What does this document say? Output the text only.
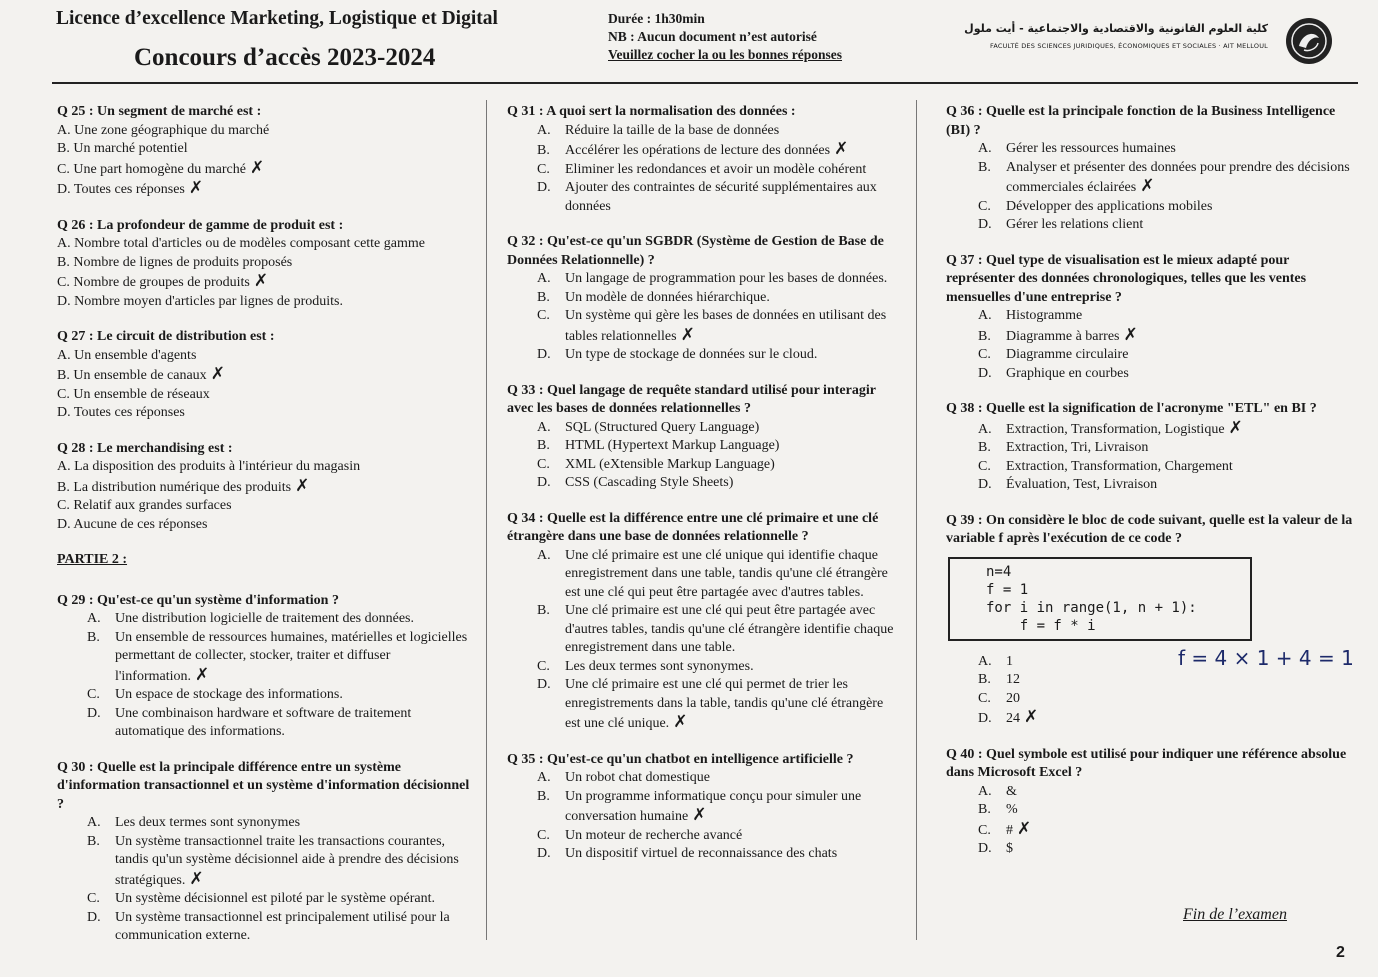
Licence d’excellence Marketing, Logistique et Digital
Concours d’accès 2023-2024
Durée : 1h30min
NB : Aucun document n’est autorisé
Veuillez cocher la ou les bonnes réponses
كلية العلوم القانونية والاقتصادية والاجتماعية - أيت ملول
FACULTÉ DES SCIENCES JURIDIQUES, ÉCONOMIQUES ET SOCIALES · AIT MELLOUL
Q 25 : Un segment de marché est :
A. Une zone géographique du marché
B. Un marché potentiel
C. Une part homogène du marché ✗
D. Toutes ces réponses ✗
Q 26 : La profondeur de gamme de produit est :
A. Nombre total d'articles ou de modèles composant cette gamme
B. Nombre de lignes de produits proposés
C. Nombre de groupes de produits ✗
D. Nombre moyen d'articles par lignes de produits.
Q 27 : Le circuit de distribution est :
A. Un ensemble d'agents
B. Un ensemble de canaux ✗
C. Un ensemble de réseaux
D. Toutes ces réponses
Q 28 : Le merchandising est :
A. La disposition des produits à l'intérieur du magasin
B. La distribution numérique des produits ✗
C. Relatif aux grandes surfaces
D. Aucune de ces réponses
PARTIE 2 :
Q 29 : Qu'est-ce qu'un système d'information ?
A. Une distribution logicielle de traitement des données.
B. Un ensemble de ressources humaines, matérielles et logicielles permettant de collecter, stocker, traiter et diffuser l'information. ✗
C. Un espace de stockage des informations.
D. Une combinaison hardware et software de traitement automatique des informations.
Q 30 : Quelle est la principale différence entre un système d'information transactionnel et un système d'information décisionnel ?
A. Les deux termes sont synonymes
B. Un système transactionnel traite les transactions courantes, tandis qu'un système décisionnel aide à prendre des décisions stratégiques. ✗
C. Un système décisionnel est piloté par le système opérant.
D. Un système transactionnel est principalement utilisé pour la communication externe.
Q 31 : A quoi sert la normalisation des données :
A. Réduire la taille de la base de données
B. Accélérer les opérations de lecture des données ✗
C. Eliminer les redondances et avoir un modèle cohérent
D. Ajouter des contraintes de sécurité supplémentaires aux données
Q 32 : Qu'est-ce qu'un SGBDR (Système de Gestion de Base de Données Relationnelle) ?
A. Un langage de programmation pour les bases de données.
B. Un modèle de données hiérarchique.
C. Un système qui gère les bases de données en utilisant des tables relationnelles ✗
D. Un type de stockage de données sur le cloud.
Q 33 : Quel langage de requête standard utilisé pour interagir avec les bases de données relationnelles ?
A. SQL (Structured Query Language)
B. HTML (Hypertext Markup Language)
C. XML (eXtensible Markup Language)
D. CSS (Cascading Style Sheets)
Q 34 : Quelle est la différence entre une clé primaire et une clé étrangère dans une base de données relationnelle ?
A. Une clé primaire est une clé unique qui identifie chaque enregistrement dans une table, tandis qu'une clé étrangère est une clé qui peut être partagée avec d'autres tables.
B. Une clé primaire est une clé qui peut être partagée avec d'autres tables, tandis qu'une clé étrangère identifie chaque enregistrement dans une table.
C. Les deux termes sont synonymes.
D. Une clé primaire est une clé qui permet de trier les enregistrements dans la table, tandis qu'une clé étrangère est une clé unique. ✗
Q 35 : Qu'est-ce qu'un chatbot en intelligence artificielle ?
A. Un robot chat domestique
B. Un programme informatique conçu pour simuler une conversation humaine ✗
C. Un moteur de recherche avancé
D. Un dispositif virtuel de reconnaissance des chats
Q 36 : Quelle est la principale fonction de la Business Intelligence (BI) ?
A. Gérer les ressources humaines
B. Analyser et présenter des données pour prendre des décisions commerciales éclairées ✗
C. Développer des applications mobiles
D. Gérer les relations client
Q 37 : Quel type de visualisation est le mieux adapté pour représenter des données chronologiques, telles que les ventes mensuelles d'une entreprise ?
A. Histogramme
B. Diagramme à barres ✗
C. Diagramme circulaire
D. Graphique en courbes
Q 38 : Quelle est la signification de l'acronyme "ETL" en BI ?
A. Extraction, Transformation, Logistique ✗
B. Extraction, Tri, Livraison
C. Extraction, Transformation, Chargement
D. Évaluation, Test, Livraison
Q 39 : On considère le bloc de code suivant, quelle est la valeur de la variable f après l'exécution de ce code ?
n=4
f = 1
for i in range(1, n + 1):
f = f * i
A. 1
B. 12
C. 20
D. 24 ✗
Q 40 : Quel symbole est utilisé pour indiquer une référence absolue dans Microsoft Excel ?
A. &
B. %
C. # ✗
D. $
f = 4 × 1 + 4 = 1
Fin de l’examen
2
